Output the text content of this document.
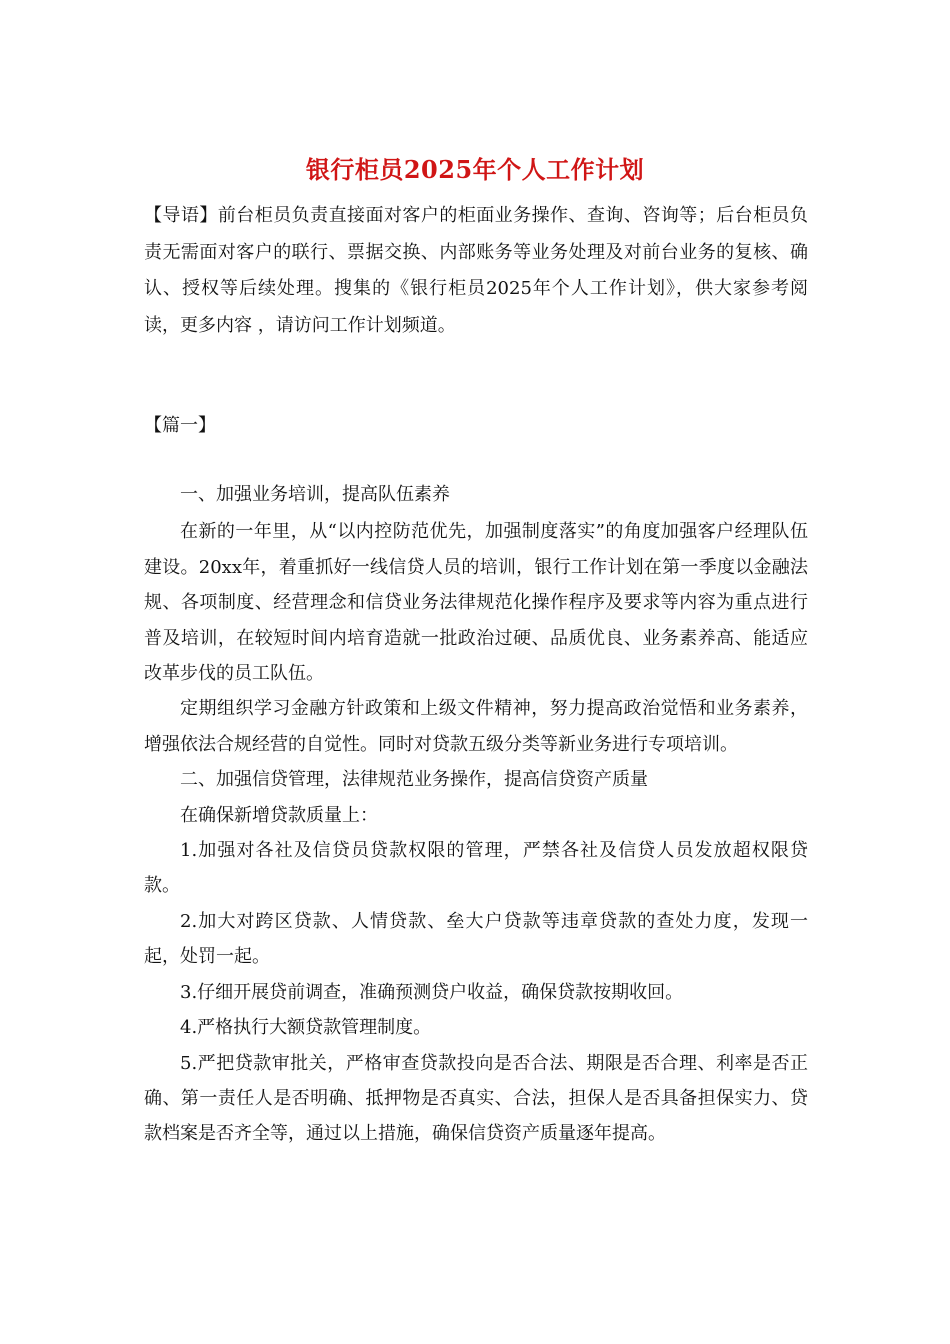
银行柜员2025年个人工作计划

【导语】前台柜员负责直接面对客户的柜面业务操作、查询、咨询等；后台柜员负责无需面对客户的联行、票据交换、内部账务等业务处理及对前台业务的复核、确认、授权等后续处理。搜集的《银行柜员2025年个人工作计划》，供大家参考阅读，更多内容 ，请访问工作计划频道。

【篇一】

一、加强业务培训，提高队伍素养

在新的一年里，从“以内控防范优先，加强制度落实”的角度加强客户经理队伍建设。20xx年，着重抓好一线信贷人员的培训，银行工作计划在第一季度以金融法规、各项制度、经营理念和信贷业务法律规范化操作程序及要求等内容为重点进行普及培训，在较短时间内培育造就一批政治过硬、品质优良、业务素养高、能适应改革步伐的员工队伍。

定期组织学习金融方针政策和上级文件精神，努力提高政治觉悟和业务素养，增强依法合规经营的自觉性。同时对贷款五级分类等新业务进行专项培训。

二、加强信贷管理，法律规范业务操作，提高信贷资产质量

在确保新增贷款质量上：

1.加强对各社及信贷员贷款权限的管理，严禁各社及信贷人员发放超权限贷款。

2.加大对跨区贷款、人情贷款、垒大户贷款等违章贷款的查处力度，发现一起，处罚一起。

3.仔细开展贷前调查，准确预测贷户收益，确保贷款按期收回。

4.严格执行大额贷款管理制度。

5.严把贷款审批关，严格审查贷款投向是否合法、期限是否合理、利率是否正确、第一责任人是否明确、抵押物是否真实、合法，担保人是否具备担保实力、贷款档案是否齐全等，通过以上措施，确保信贷资产质量逐年提高。
